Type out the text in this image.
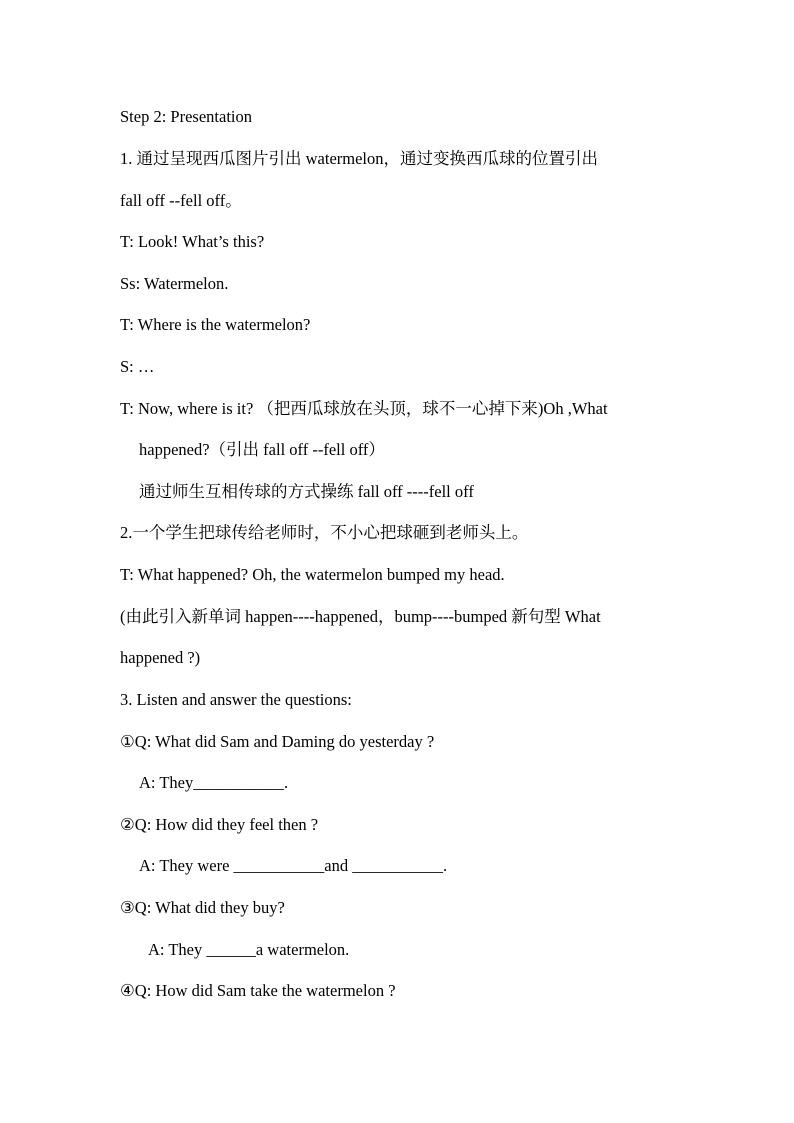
Step 2: Presentation
1. 通过呈现西瓜图片引出 watermelon，通过变换西瓜球的位置引出
fall off --fell off。
T: Look! What’s this?
Ss: Watermelon.
T: Where is the watermelon?
S: …
T: Now, where is it? （把西瓜球放在头顶，球不一心掉下来)Oh ,What
happened?（引出 fall off --fell off）
通过师生互相传球的方式操练 fall off ----fell off
2.一个学生把球传给老师时，不小心把球砸到老师头上。
T: What happened? Oh, the watermelon bumped my head.
(由此引入新单词 happen----happened，bump----bumped 新句型 What
happened ?)
3. Listen and answer the questions:
①Q: What did Sam and Daming do yesterday ?
A: They___________.
②Q: How did they feel then ?
A: They were ___________and ___________.
③Q: What did they buy?
A: They ______a watermelon.
④Q: How did Sam take the watermelon ?
